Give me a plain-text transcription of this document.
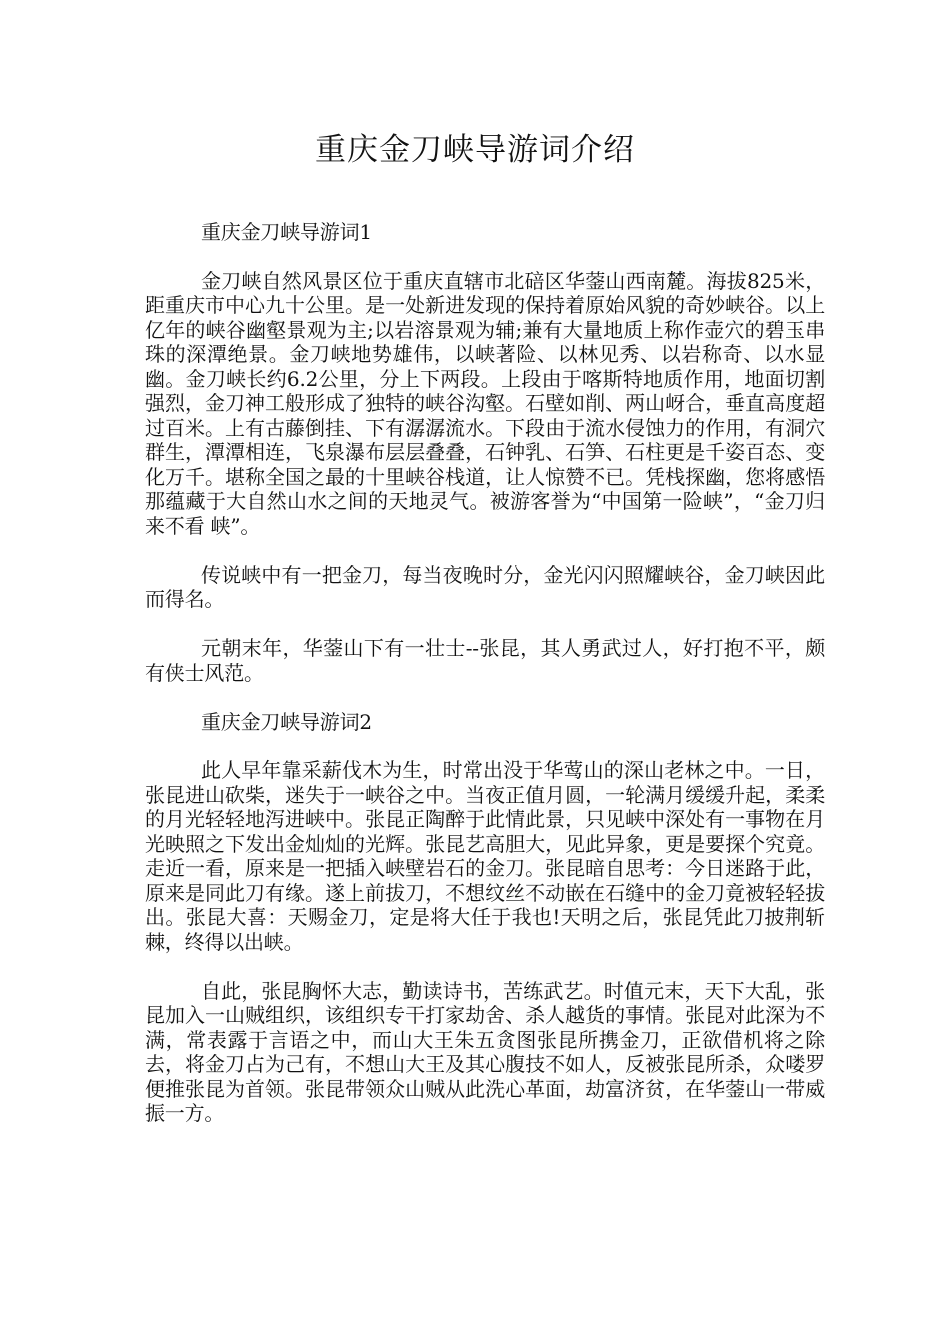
重庆金刀峡导游词介绍

重庆金刀峡导游词1

金刀峡自然风景区位于重庆直辖市北碚区华蓥山西南麓。海拔825米，距重庆市中心九十公里。是一处新进发现的保持着原始风貌的奇妙峡谷。以上亿年的峡谷幽壑景观为主;以岩溶景观为辅;兼有大量地质上称作壶穴的碧玉串珠的深潭绝景。金刀峡地势雄伟，以峡著险、以林见秀、以岩称奇、以水显幽。金刀峡长约6.2公里，分上下两段。上段由于喀斯特地质作用，地面切割强烈，金刀神工般形成了独特的峡谷沟壑。石壁如削、两山岈合，垂直高度超过百米。上有古藤倒挂、下有潺潺流水。下段由于流水侵蚀力的作用，有洞穴群生，潭潭相连，飞泉瀑布层层叠叠，石钟乳、石笋、石柱更是千姿百态、变化万千。堪称全国之最的十里峡谷栈道，让人惊赞不已。凭栈探幽，您将感悟那蕴藏于大自然山水之间的天地灵气。被游客誉为“中国第一险峡”，“金刀归来不看 峡”。

传说峡中有一把金刀，每当夜晚时分，金光闪闪照耀峡谷，金刀峡因此而得名。

元朝末年，华蓥山下有一壮士--张昆，其人勇武过人，好打抱不平，颇有侠士风范。

重庆金刀峡导游词2

此人早年靠采薪伐木为生，时常出没于华莺山的深山老林之中。一日，张昆进山砍柴，迷失于一峡谷之中。当夜正值月圆，一轮满月缓缓升起，柔柔的月光轻轻地泻进峡中。张昆正陶醉于此情此景，只见峡中深处有一事物在月光映照之下发出金灿灿的光辉。张昆艺高胆大，见此异象，更是要探个究竟。走近一看，原来是一把插入峡壁岩石的金刀。张昆暗自思考：今日迷路于此，原来是同此刀有缘。遂上前拔刀，不想纹丝不动嵌在石缝中的金刀竟被轻轻拔出。张昆大喜：天赐金刀，定是将大任于我也!天明之后，张昆凭此刀披荆斩棘，终得以出峡。

自此，张昆胸怀大志，勤读诗书，苦练武艺。时值元末，天下大乱，张昆加入一山贼组织，该组织专干打家劫舍、杀人越货的事情。张昆对此深为不满，常表露于言语之中，而山大王朱五贪图张昆所携金刀，正欲借机将之除去，将金刀占为己有，不想山大王及其心腹技不如人，反被张昆所杀，众喽罗便推张昆为首领。张昆带领众山贼从此洗心革面，劫富济贫，在华蓥山一带威振一方。
